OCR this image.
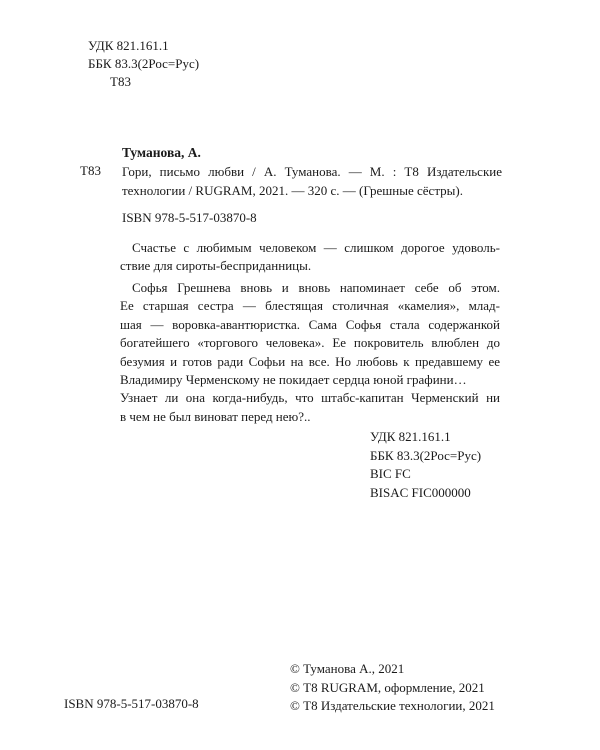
УДК 821.161.1

ББК 83.3(2Рос=Рус)

Т83

Туманова, А.

Т83 Гори, письмо любви / А. Туманова. — М. : Т8 Издательские
технологии / RUGRAM, 2021. — 320 с. — (Грешные сёстры).

ISBN 978-5-517-03870-8

Счастье с любимым человеком — слишком дорогое удоволь-
ствие для сироты-бесприданницы.
Софья Грешнева вновь и вновь напоминает себе об этом.
Ее старшая сестра — блестящая столичная «камелия», млад-
шая — воровка-авантюристка. Сама Софья стала содержанкой
богатейшего «торгового человека». Ее покровитель влюблен до
безумия и готов ради Софьи на все. Но любовь к предавшему ее
Владимиру Черменскому не покидает сердца юной графини…
Узнает ли она когда-нибудь, что штабс-капитан Черменский ни
в чем не был виноват перед нею?..
УДК 821.161.1
ББК 83.3(2Рос=Рус)
BIC FC
BISAC FIC000000
© Туманова А., 2021
© Т8 RUGRAM, оформление, 2021
© Т8 Издательские технологии, 2021

ISBN 978-5-517-03870-8
